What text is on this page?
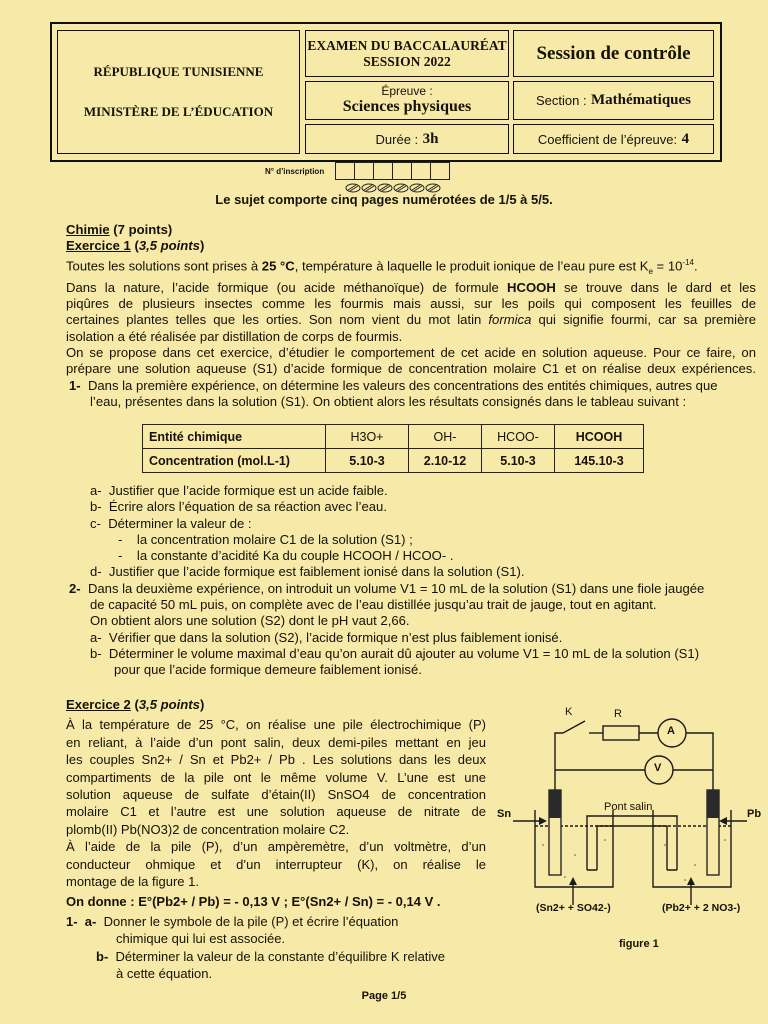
RÉPUBLIQUE TUNISIENNE
MINISTÈRE DE L’ÉDUCATION
EXAMEN DU BACCALAURÉAT
SESSION 2022	Session de contrôle
Épreuve :
Sciences physiques	Section :
Mathématiques
Durée :
3h	Coefficient de l’épreuve:
4
N° d’inscription
Le sujet comporte cinq pages numérotées de 1/5 à 5/5.
Chimie (7 points)
Exercice 1 (3,5 points)
Toutes les solutions sont prises à 25 °C, température à laquelle le produit ionique de l’eau pure est $K_e = 10^{-14}$.
Dans la nature, l’acide formique (ou acide méthanoïque) de formule HCOOH se trouve dans le dard et les
piqûres de plusieurs insectes comme les fourmis mais aussi, sur les poils qui composent les feuilles de
certaines plantes telles que les orties. Son nom vient du mot latin formica qui signifie fourmi, car sa première
isolation a été réalisée par distillation de corps de fourmis.
On se propose dans cet exercice, d’étudier le comportement de cet acide en solution aqueuse. Pour ce faire, on
prépare une solution aqueuse (S1) d’acide formique de concentration molaire C1 et on réalise deux expériences.
1- Dans la première expérience, on détermine les valeurs des concentrations des entités chimiques, autres que
l’eau, présentes dans la solution (S1). On obtient alors les résultats consignés dans le tableau suivant :
Entité chimique	H3O+	OH-	HCOO-	HCOOH
Concentration (mol.L-1)	5.10-3	2.10-12	5.10-3	145.10-3
a-  Justifier que l’acide formique est un acide faible.
b-  Écrire alors l’équation de sa réaction avec l’eau.
c-  Déterminer la valeur de :
-    la concentration molaire C1 de la solution (S1) ;
-    la constante d’acidité Ka du couple HCOOH / HCOO- .
d-  Justifier que l’acide formique est faiblement ionisé dans la solution (S1).
2- Dans la deuxième expérience, on introduit un volume V1 = 10 mL de la solution (S1) dans une fiole jaugée
de capacité 50 mL puis, on complète avec de l’eau distillée jusqu’au trait de jauge, tout en agitant.
On obtient alors une solution (S2) dont le pH vaut 2,66.
a-  Vérifier que dans la solution (S2), l’acide formique n’est plus faiblement ionisé.
b-  Déterminer le volume maximal d’eau qu’on aurait dû ajouter au volume V1 = 10 mL de la solution (S1)
pour que l’acide formique demeure faiblement ionisé.
Exercice 2 (3,5 points)
À la température de 25 °C, on réalise une pile électrochimique (P)
en reliant, à l’aide d’un pont salin, deux demi-piles mettant en jeu
les couples Sn2+ / Sn et Pb2+ / Pb . Les solutions dans les deux
compartiments de la pile ont le même volume V. L’une est une
solution aqueuse de sulfate d’étain(II) SnSO4 de concentration
molaire C1 et l’autre est une solution aqueuse de nitrate de
plomb(II) Pb(NO3)2 de concentration molaire C2.
À l’aide de la pile (P), d’un ampèremètre, d’un voltmètre, d’un
conducteur ohmique et d’un interrupteur (K), on réalise le
montage de la figure 1.
On donne : E°(Pb2+ / Pb) = - 0,13 V ; E°(Sn2+ / Sn) = - 0,14 V .
1- a- Donner le symbole de la pile (P) et écrire l’équation
chimique qui lui est associée.
b- Déterminer la valeur de la constante d’équilibre K relative
à cette équation.
K	R
A
V
Sn	Pb
Pont salin
(Sn2+ + SO42-)	(Pb2+ + 2 NO3-)
figure 1
Page 1/5
